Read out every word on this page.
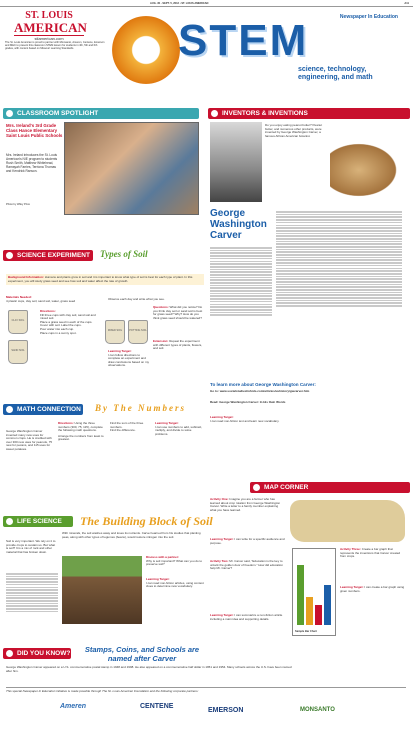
AUG. 30 - SEPT. 5, 2012 • ST. LOUIS AMERICAN	A11
ST. LOUIS
AMERICAN
stlamerican.com
The St. Louis American is proud to partner with Monsanto, Ameren, Centene, Emerson and MEC to present this classroom STEM lesson for students in 4th, 5th and 6th grades, with content based on Missouri Learning Standards.
Newspaper In Education
STEM
science, technology, engineering, and math
CLASSROOM SPOTLIGHT
Mrs. Ireland's 3rd Grade Class Hance Elementary Saint Louis Public Schools
Mrs. Ireland introduces the St. Louis American's NIE program to students Rush Smith, Matthew Whitehead, Ramayah Farries, Terriona Thomas and Kendrick Ranson.
Photo by Wiley Price
INVENTORS & INVENTIONS
Do you enjoy eating peanut butter? Peanut butter, and numerous other products, were invented by George Washington Carver, a famous African American botanist.
George
Washington
Carver
To learn more about George Washington Carver:
Go to: www.socialstudiesforkids.com/articles/ushistory/gwcarver.htm
Read: George Washington Carver: In His Own Words
Learning Target:
I can read non-fiction text and learn new vocabulary.
SCIENCE EXPERIMENT	Types of Soil
Background Information: Humans and plants grow in soil and it is important to know what type of soil is best for each type of plant. In this experiment, you will study grass seed and see how soil and water affect the rate of growth.
Materials Needed:
4 plastic cups, clay soil, sand soil, water, grass seed
Directions:
Fill three cups with clay soil, sand soil and mixed soil.
Place a grass seed in each of the cups.
Cover with soil. Label the cups.
Pour water into each cup.
Place cups in a sunny spot.
CLAY SOIL
SAND SOIL
MIXED SOIL	POTTING SOIL
Observe each day and write what you see.
Questions: What did you notice? Do you think clay soil or sand soil is best for grass seed? Why? How do you think grass seed should be watered?
Extension: Repeat the experiment with different types of plants, flowers, and soil.
Learning Target:
I can follow directions to complete an experiment and draw conclusions based on my observations.
MATH CONNECTION By The Numbers
George Washington Carver invented many new uses for common crops. He is credited with over 300 new uses for peanuts, 75 new for pecans, and 115 uses for sweet potatoes.
Directions: Using the three numbers (300, 75, 115), complete the following math questions.
Arrange the numbers from least to greatest.
Find the sum of the three numbers.
Find the difference.
Learning Target:
I can use numbers to add, subtract, multiply, and divide to solve problems.
MAP CORNER
Activity One: Imagine you are a farmer who has learned about crop rotation from George Washington Carver. Write a letter to a family member explaining what you have learned.
Learning Target: I can write for a specific audience and purpose.
Activity Two: Mr. Carver said, "Education is the key to unlock the golden door of freedom." How did education help Mr. Carver?
Learning Target: I can summarize a non-fiction article including a main idea and supporting details.
Activity Three: Create a bar graph that represents the inventions that Carver created from crops.
Learning Target: I can create a bar graph using given numbers.
Sample Bar Chart
LIFE SCIENCE	The Building Block of Soil
Soil is very important. We rely on it to provide crops to sustain us. But what is soil? It is a mix of rock and other material that has broken down.
With minerals, the soil washes away and loses its nutrients. Carver learned from his studies that planting peas, along with other types of legumes (beans), would restore nitrogen into the soil.
Discuss with a partner:
Why is soil important? What can you do to preserve soil?
Learning Target:
I can read non-fiction articles, using context clues to determine new vocabulary.
DID YOU KNOW?	Stamps, Coins, and Schools are named after Carver
George Washington Carver appeared on a U.S. commemorative postal stamp in 1948 and 1998. He also appeared on a commemorative half dollar in 1951 and 1954. Many schools across the U.S. have been named after him.
This special Newspaper In Education initiative is made possible through The St. Louis American Foundation and the following corporate partners:
Ameren	CENTENE
EMERSON	MONSANTO
